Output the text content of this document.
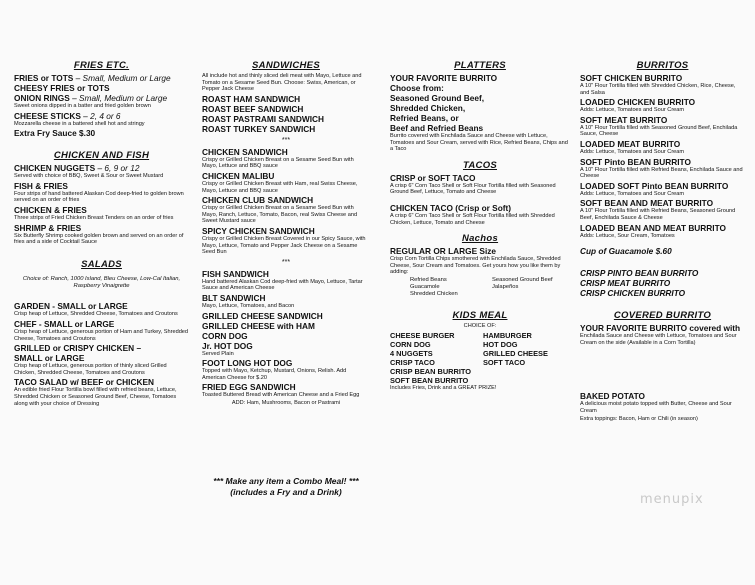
FRIES ETC.

FRIES or TOTS – Small, Medium or Large

CHEESY FRIES or TOTS

ONION RINGS – Small, Medium or Large

Sweet onions dipped in a batter and fried golden brown

CHEESE STICKS – 2, 4 or 6

Mozzarella cheese in a battered shell hot and stringy

Extra Fry Sauce $.30

CHICKEN AND FISH

CHICKEN NUGGETS – 6, 9 or 12

Served with choice of BBQ, Sweet & Sour or Sweet Mustard

FISH & FRIES

Four strips of hand battered Alaskan Cod deep-fried to golden brown served on an order of fries

CHICKEN & FRIES

Three strips of Fried Chicken Breast Tenders on an order of fries

SHRIMP & FRIES

Six Butterfly Shrimp cooked golden brown and served on an order of fries and a side of Cocktail Sauce

SALADS

Choice of: Ranch, 1000 Island, Bleu Cheese, Low-Cal Italian, Raspberry Vinaigrette

GARDEN - SMALL or LARGE

Crisp heap of Lettuce, Shredded Cheese, Tomatoes and Croutons

CHEF - SMALL or LARGE

Crisp heap of Lettuce, generous portion of Ham and Turkey, Shredded Cheese, Tomatoes and Croutons

GRILLED or CRISPY CHICKEN –

SMALL or LARGE

Crisp heap of Lettuce, generous portion of thinly sliced Grilled Chicken, Shredded Cheese, Tomatoes and Croutons

TACO SALAD w/ BEEF or CHICKEN

An edible fried Flour Tortilla bowl filled with refried beans, Lettuce, Shredded Chicken or Seasoned Ground Beef, Cheese, Tomatoes along with your choice of Dressing

SANDWICHES

All include hot and thinly sliced deli meat with Mayo, Lettuce and Tomato on a Sesame Seed Bun. Choose: Swiss, American, or Pepper Jack Cheese

ROAST HAM SANDWICH

ROAST BEEF SANDWICH

ROAST PASTRAMI SANDWICH

ROAST TURKEY SANDWICH

***

CHICKEN SANDWICH

Crispy or Grilled Chicken Breast on a Sesame Seed Bun with Mayo, Lettuce and BBQ sauce

CHICKEN MALIBU

Crispy or Grilled Chicken Breast with Ham, real Swiss Cheese, Mayo, Lettuce and BBQ sauce

CHICKEN CLUB SANDWICH

Crispy or Grilled Chicken Breast on a Sesame Seed Bun with Mayo, Ranch, Lettuce, Tomato, Bacon, real Swiss Cheese and Sweet Mustard sauce

SPICY CHICKEN SANDWICH

Crispy or Grilled Chicken Breast Covered in our Spicy Sauce, with Mayo, Lettuce, Tomato and Pepper Jack Cheese on a Sesame Seed Bun

***

FISH SANDWICH

Hand battered Alaskan Cod deep-fried with Mayo, Lettuce, Tartar Sauce and American Cheese

BLT SANDWICH

Mayo, Lettuce, Tomatoes, and Bacon

GRILLED CHEESE SANDWICH

GRILLED CHEESE with HAM

CORN DOG

Jr. HOT DOG

Served Plain

FOOT LONG HOT DOG

Topped with Mayo, Ketchup, Mustard, Onions, Relish. Add American Cheese for $.20

FRIED EGG SANDWICH

Toasted Buttered Bread with American Cheese and a Fried Egg

ADD: Ham, Mushrooms, Bacon or Pastrami

*** Make any item a Combo Meal! ***
(includes a Fry and a Drink)
PLATTERS

YOUR FAVORITE BURRITO

Choose from:

Seasoned Ground Beef,

Shredded Chicken,

Refried Beans, or

Beef and Refried Beans

Burrito covered with Enchilada Sauce and Cheese with Lettuce, Tomatoes and Sour Cream, served with Rice, Refried Beans, Chips and a Taco

TACOS

CRISP or SOFT TACO

A crisp 6" Corn Taco Shell or Soft Flour Tortilla filled with Seasoned Ground Beef, Lettuce, Tomato and Cheese

CHICKEN TACO (Crisp or Soft)

A crisp 6" Corn Taco Shell or Soft Flour Tortilla filled with Shredded Chicken, Lettuce, Tomato and Cheese

Nachos

REGULAR OR LARGE Size

Crisp Corn Tortilla Chips smothered with Enchilada Sauce, Shredded Cheese, Sour Cream and Tomatoes. Get yours how you like them by adding:

Refried Beans	Seasoned Ground Beef
Guacamole	Jalapeños
Shredded Chicken
KIDS MEAL

CHOICE OF:

CHEESE BURGER	HAMBURGER

CORN DOG	HOT DOG

4 NUGGETS	GRILLED CHEESE

CRISP TACO	SOFT TACO

CRISP BEAN BURRITO

SOFT BEAN BURRITO

Includes Fries, Drink and a GREAT PRIZE!

BURRITOS

SOFT CHICKEN BURRITO

A 10" Flour Tortilla filled with Shredded Chicken, Rice, Cheese, and Salsa

LOADED CHICKEN BURRITO

Adds: Lettuce, Tomatoes and Sour Cream

SOFT MEAT BURRITO

A 10" Flour Tortilla filled with Seasoned Ground Beef, Enchilada Sauce, Cheese

LOADED MEAT BURRITO

Adds: Lettuce, Tomatoes and Sour Cream

SOFT Pinto BEAN BURRITO

A 10" Flour Tortilla filled with Refried Beans, Enchilada Sauce and Cheese

LOADED SOFT Pinto BEAN BURRITO

Adds: Lettuce, Tomatoes and Sour Cream

SOFT BEAN AND MEAT BURRITO

A 10" Flour Tortilla filled with Refried Beans, Seasoned Ground Beef, Enchilada Sauce & Cheese

LOADED BEAN AND MEAT BURRITO

Adds: Lettuce, Sour Cream, Tomatoes

Cup of Guacamole $.60

CRISP PINTO BEAN BURRITO

CRISP MEAT BURRITO

CRISP CHICKEN BURRITO

COVERED BURRITO

YOUR FAVORITE BURRITO covered with

Enchilada Sauce and Cheese with Lettuce, Tomatoes and Sour Cream on the side (Available in a Corn Tortilla)

BAKED POTATO

A delicious moist potato topped with Butter, Cheese and Sour Cream

Extra toppings: Bacon, Ham or Chili (in season)

menupix
